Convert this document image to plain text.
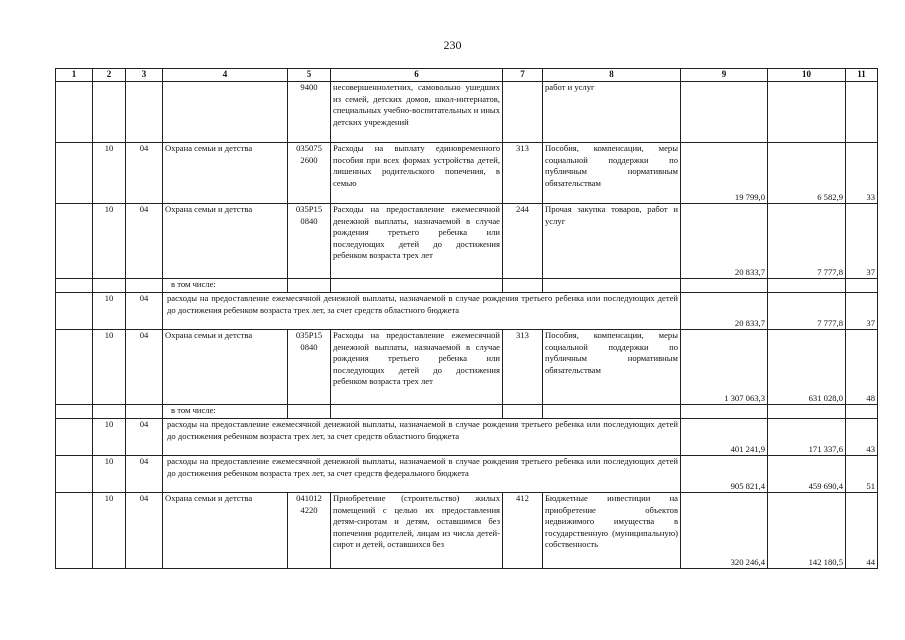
230
1	2	3	4	5	6	7	8	9	10	11
				9400	несовершеннолетних, самовольно ушедших из семей, детских домов, школ-интернатов, специальных учебно-воспитательных и иных детских учреждений		работ и услуг			
	10	04	Охрана семьи и детства	035075 2600	Расходы на выплату единовременного пособия при всех формах устройства детей, лишенных родительского попечения, в семью	313	Пособия, компенсации, меры социальной поддержки по публичным нормативным обязательствам	19 799,0	6 582,9	33
	10	04	Охрана семьи и детства	035P15 0840	Расходы на предоставление ежемесячной денежной выплаты, назначаемой в случае рождения третьего ребенка или последующих детей до достижения ребенком возраста трех лет	244	Прочая закупка товаров, работ и услуг	20 833,7	7 777,8	37
			в том числе:							
	10	04	расходы на предоставление ежемесячной денежной выплаты, назначаемой в случае рождения третьего ребенка или последующих детей до достижения ребенком возраста трех лет, за счет средств областного бюджета					20 833,7	7 777,8	37
	10	04	Охрана семьи и детства	035P15 0840	Расходы на предоставление ежемесячной денежной выплаты, назначаемой в случае рождения третьего ребенка или последующих детей до достижения ребенком возраста трех лет	313	Пособия, компенсации, меры социальной поддержки по публичным нормативным обязательствам	1 307 063,3	631 028,0	48
			в том числе:							
	10	04	расходы на предоставление ежемесячной денежной выплаты, назначаемой в случае рождения третьего ребенка или последующих детей до достижения ребенком возраста трех лет, за счет средств областного бюджета					401 241,9	171 337,6	43
	10	04	расходы на предоставление ежемесячной денежной выплаты, назначаемой в случае рождения третьего ребенка или последующих детей до достижения ребенком возраста трех лет, за счет средств федерального бюджета					905 821,4	459 690,4	51
	10	04	Охрана семьи и детства	041012 4220	Приобретение (строительство) жилых помещений с целью их предоставления детям-сиротам и детям, оставшимся без попечения родителей, лицам из числа детей-сирот и детей, оставшихся без	412	Бюджетные инвестиции на приобретение объектов недвижимого имущества в государственную (муниципальную) собственность	320 246,4	142 180,5	44
